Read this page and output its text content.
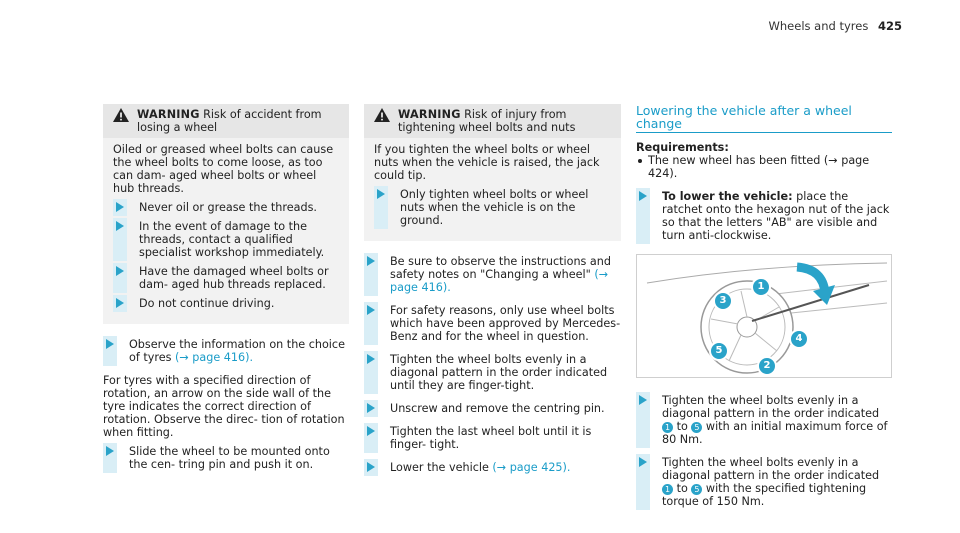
Wheels and tyres 425
WARNING Risk of accident from losing a wheel
Oiled or greased wheel bolts can cause the wheel bolts to come loose, as too can dam- aged wheel bolts or wheel hub threads.
Never oil or grease the threads.
In the event of damage to the threads, contact a qualified specialist workshop immediately.
Have the damaged wheel bolts or dam- aged hub threads replaced.
Do not continue driving.
Observe the information on the choice of tyres (→ page 416).
For tyres with a specified direction of rotation, an arrow on the side wall of the tyre indicates the correct direction of rotation. Observe the direc- tion of rotation when fitting.
Slide the wheel to be mounted onto the cen- tring pin and push it on.
WARNING Risk of injury from tightening wheel bolts and nuts
If you tighten the wheel bolts or wheel nuts when the vehicle is raised, the jack could tip.
Only tighten wheel bolts or wheel nuts when the vehicle is on the ground.
Be sure to observe the instructions and safety notes on "Changing a wheel" (→ page 416).
For safety reasons, only use wheel bolts which have been approved by Mercedes-Benz and for the wheel in question.
Tighten the wheel bolts evenly in a diagonal pattern in the order indicated until they are finger-tight.
Unscrew and remove the centring pin.
Tighten the last wheel bolt until it is finger- tight.
Lower the vehicle (→ page 425).
Lowering the vehicle after a wheel change
Requirements:
The new wheel has been fitted (→ page 424).
To lower the vehicle: place the ratchet onto the hexagon nut of the jack so that the letters "AB" are visible and turn anti-clockwise.
1
2
3
4
5
Tighten the wheel bolts evenly in a diagonal pattern in the order indicated 1 to 5 with an initial maximum force of 80 Nm.
Tighten the wheel bolts evenly in a diagonal pattern in the order indicated 1 to 5 with the specified tightening torque of 150 Nm.
